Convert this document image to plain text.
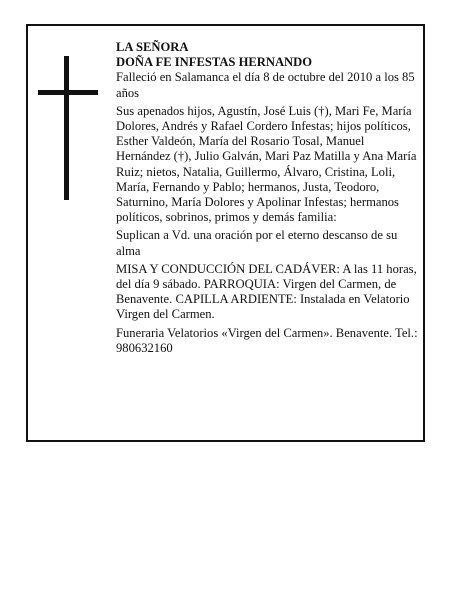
LA SEÑORA
DOÑA FE INFESTAS HERNANDO

Falleció en Salamanca el día 8 de octubre del 2010 a los 85 años

Sus apenados hijos, Agustín, José Luis (†), Mari Fe, María Dolores, Andrés y Rafael Cordero Infestas; hijos políticos, Esther Valdeón, María del Rosario Tosal, Manuel Hernández (†), Julio Galván, Mari Paz Matilla y Ana María Ruiz; nietos, Natalia, Guillermo, Álvaro, Cristina, Loli, María, Fernando y Pablo; hermanos, Justa, Teodoro, Saturnino, María Dolores y Apolinar Infestas; hermanos políticos, sobrinos, primos y demás familia:

Suplican a Vd. una oración por el eterno descanso de su alma

MISA Y CONDUCCIÓN DEL CADÁVER: A las 11 horas, del día 9 sábado. PARROQUIA: Virgen del Carmen, de Benavente. CAPILLA ARDIENTE: Instalada en Velatorio Virgen del Carmen.

Funeraria Velatorios «Virgen del Carmen». Benavente. Tel.: 980632160
